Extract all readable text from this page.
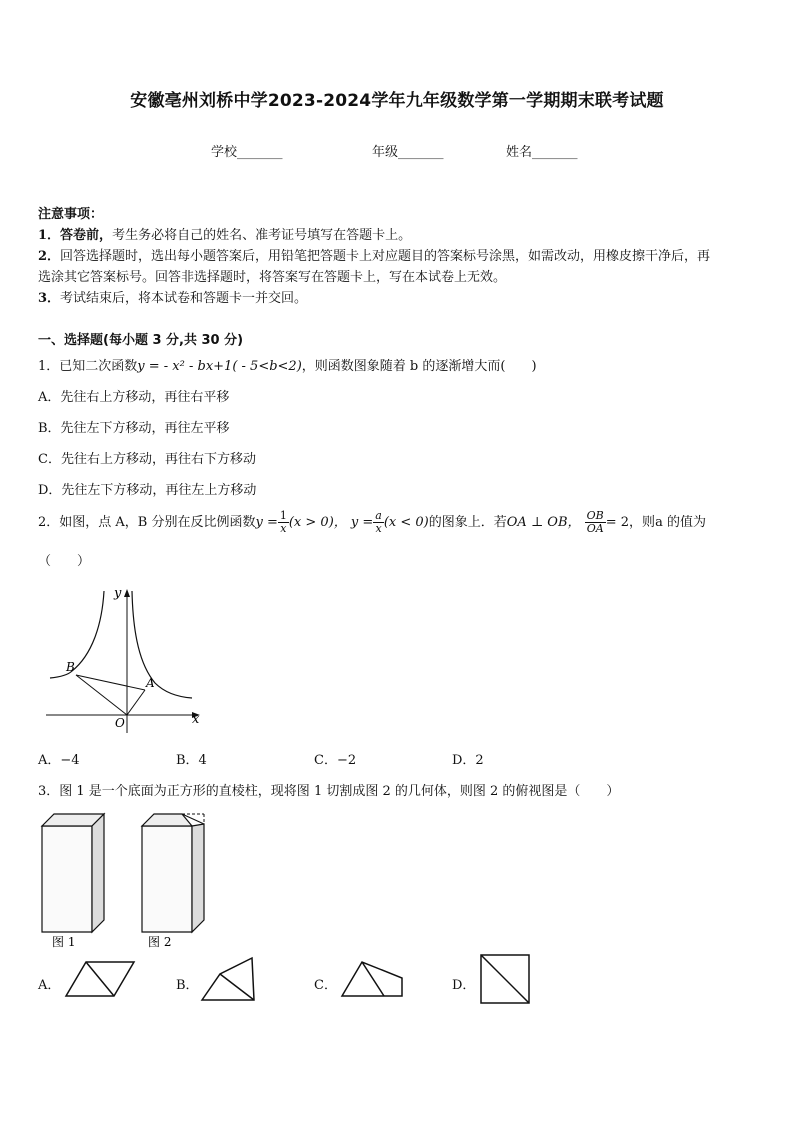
安徽亳州刘桥中学2023-2024学年九年级数学第一学期期末联考试题
学校_______	年级_______	姓名_______
注意事项：
1．答卷前，考生务必将自己的姓名、准考证号填写在答题卡上。
2．回答选择题时，选出每小题答案后，用铅笔把答题卡上对应题目的答案标号涂黑，如需改动，用橡皮擦干净后，再
选涂其它答案标号。回答非选择题时，将答案写在答题卡上，写在本试卷上无效。
3．考试结束后，将本试卷和答题卡一并交回。
一、选择题(每小题 3 分,共 30 分)
1．已知二次函数y = - x² - bx+1( - 5<b<2)，则函数图象随着 b 的逐渐增大而(　　)
A．先往右上方移动，再往右平移
B．先往左下方移动，再往左平移
C．先往右上方移动，再往右下方移动
D．先往左下方移动，再往左上方移动
2．如图，点 A，B 分别在反比例函数$y = \frac{1}{x} (x > 0)$， $y = \frac{a}{x} (x < 0)$的图象上．若OA ⊥ OB， $\frac{OB}{OA} = 2$，则a 的值为
（　　）
y
x
B
A
O
A．−4	B．4	C．−2	D．2
3．图 1 是一个底面为正方形的直棱柱，现将图 1 切割成图 2 的几何体，则图 2 的俯视图是（　　）
图 1	图 2
A．	B．	C．	D．
